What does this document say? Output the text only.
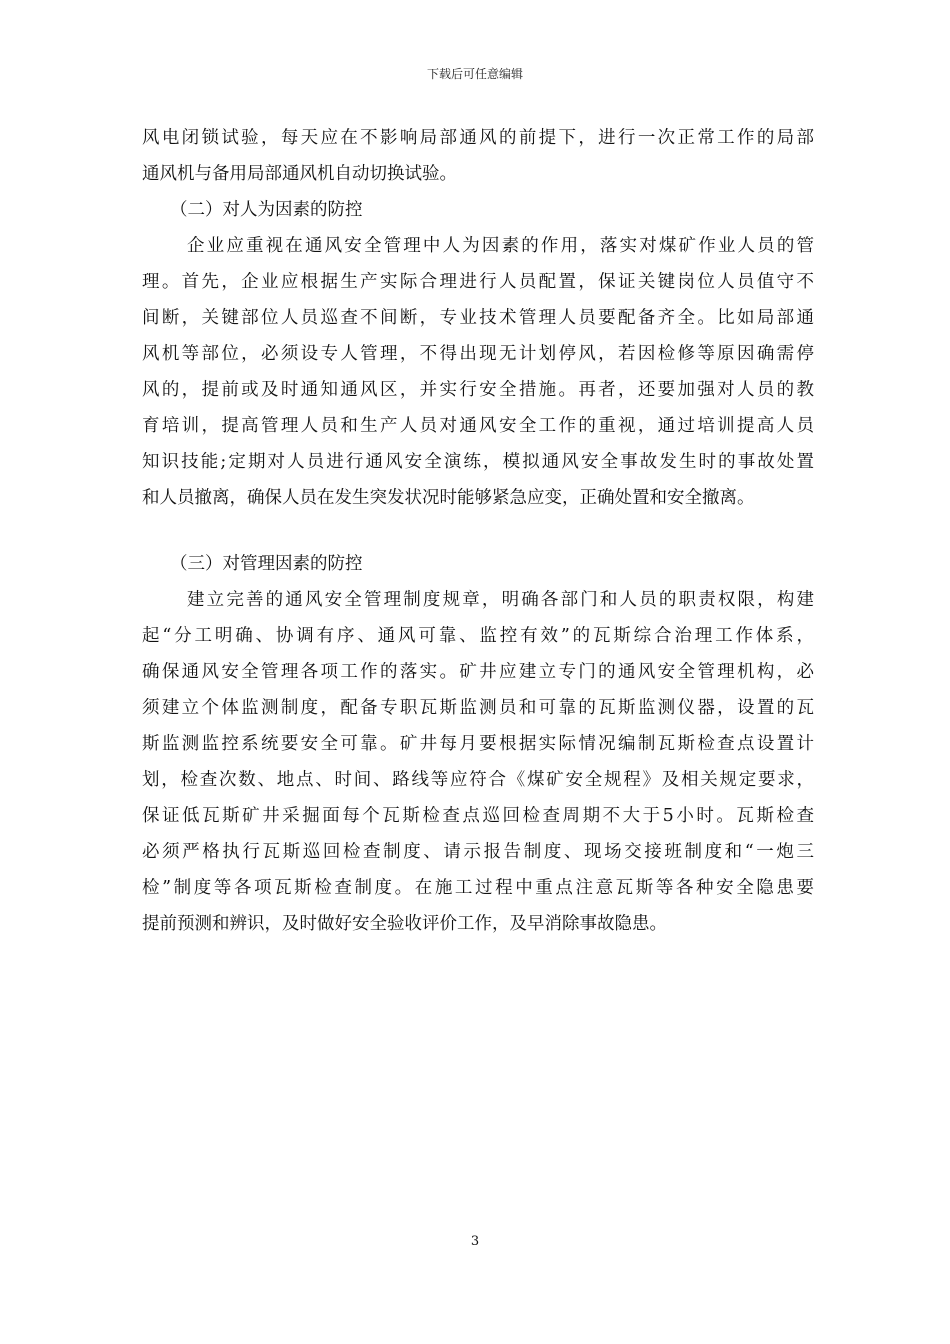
下载后可任意编辑
风电闭锁试验，每天应在不影响局部通风的前提下，进行一次正常工作的局部
通风机与备用局部通风机自动切换试验。
（二）对人为因素的防控
企业应重视在通风安全管理中人为因素的作用，落实对煤矿作业人员的管
理。首先，企业应根据生产实际合理进行人员配置，保证关键岗位人员值守不
间断，关键部位人员巡查不间断，专业技术管理人员要配备齐全。比如局部通
风机等部位，必须设专人管理，不得出现无计划停风，若因检修等原因确需停
风的，提前或及时通知通风区，并实行安全措施。再者，还要加强对人员的教
育培训，提高管理人员和生产人员对通风安全工作的重视，通过培训提高人员
知识技能;定期对人员进行通风安全演练，模拟通风安全事故发生时的事故处置
和人员撤离，确保人员在发生突发状况时能够紧急应变，正确处置和安全撤离。
（三）对管理因素的防控
建立完善的通风安全管理制度规章，明确各部门和人员的职责权限，构建
起“分工明确、协调有序、通风可靠、监控有效”的瓦斯综合治理工作体系，
确保通风安全管理各项工作的落实。矿井应建立专门的通风安全管理机构，必
须建立个体监测制度，配备专职瓦斯监测员和可靠的瓦斯监测仪器，设置的瓦
斯监测监控系统要安全可靠。矿井每月要根据实际情况编制瓦斯检查点设置计
划，检查次数、地点、时间、路线等应符合《煤矿安全规程》及相关规定要求，
保证低瓦斯矿井采掘面每个瓦斯检查点巡回检查周期不大于5小时。瓦斯检查
必须严格执行瓦斯巡回检查制度、请示报告制度、现场交接班制度和“一炮三
检”制度等各项瓦斯检查制度。在施工过程中重点注意瓦斯等各种安全隐患要
提前预测和辨识，及时做好安全验收评价工作，及早消除事故隐患。
3
